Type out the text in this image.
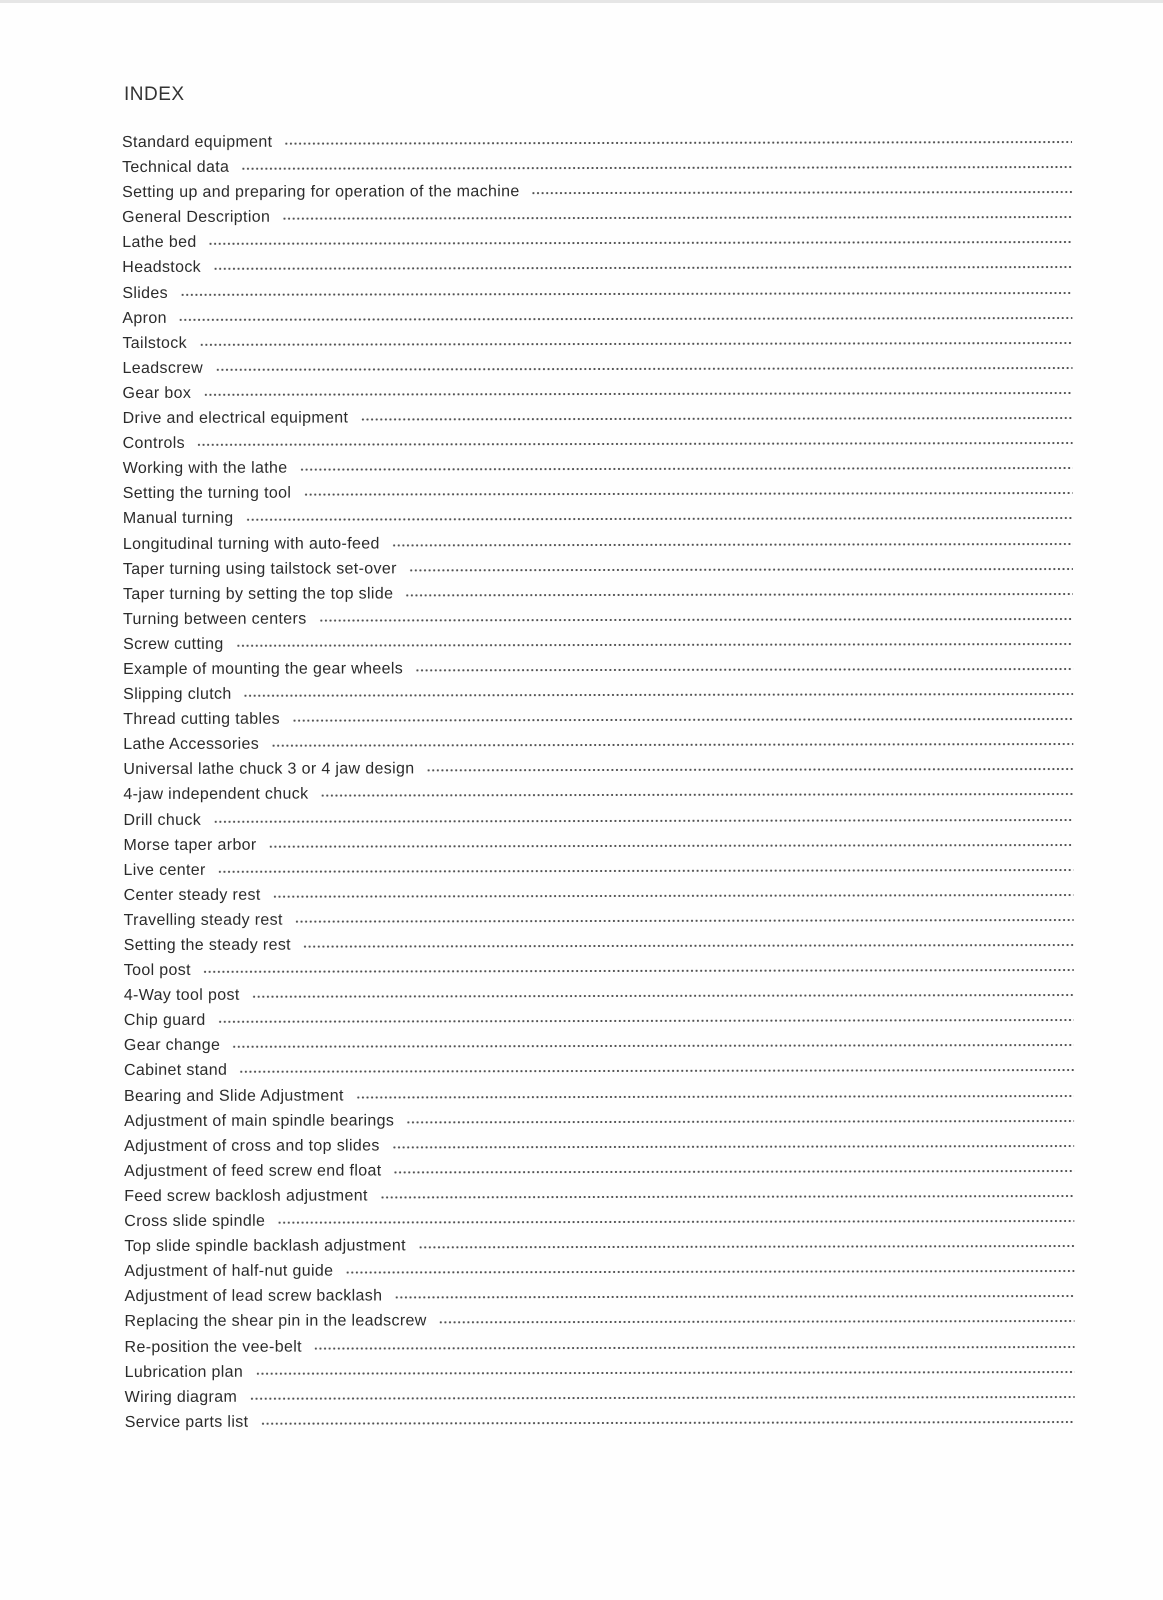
INDEX
Standard equipment
Technical data
Setting up and preparing for operation of the machine
General Description
Lathe bed
Headstock
Slides
Apron
Tailstock
Leadscrew
Gear box
Drive and electrical equipment
Controls
Working with the lathe
Setting the turning tool
Manual turning
Longitudinal turning with auto-feed
Taper turning using tailstock set-over
Taper turning by setting the top slide
Turning between centers
Screw cutting
Example of mounting the gear wheels
Slipping clutch
Thread cutting tables
Lathe Accessories
Universal lathe chuck 3 or 4 jaw design
4-jaw independent chuck
Drill chuck
Morse taper arbor
Live center
Center steady rest
Travelling steady rest
Setting the steady rest
Tool post
4-Way tool post
Chip guard
Gear change
Cabinet stand
Bearing and Slide Adjustment
Adjustment of main spindle bearings
Adjustment of cross and top slides
Adjustment of feed screw end float
Feed screw backlosh adjustment
Cross slide spindle
Top slide spindle backlash adjustment
Adjustment of half-nut guide
Adjustment of lead screw backlash
Replacing the shear pin in the leadscrew
Re-position the vee-belt
Lubrication plan
Wiring diagram
Service parts list
